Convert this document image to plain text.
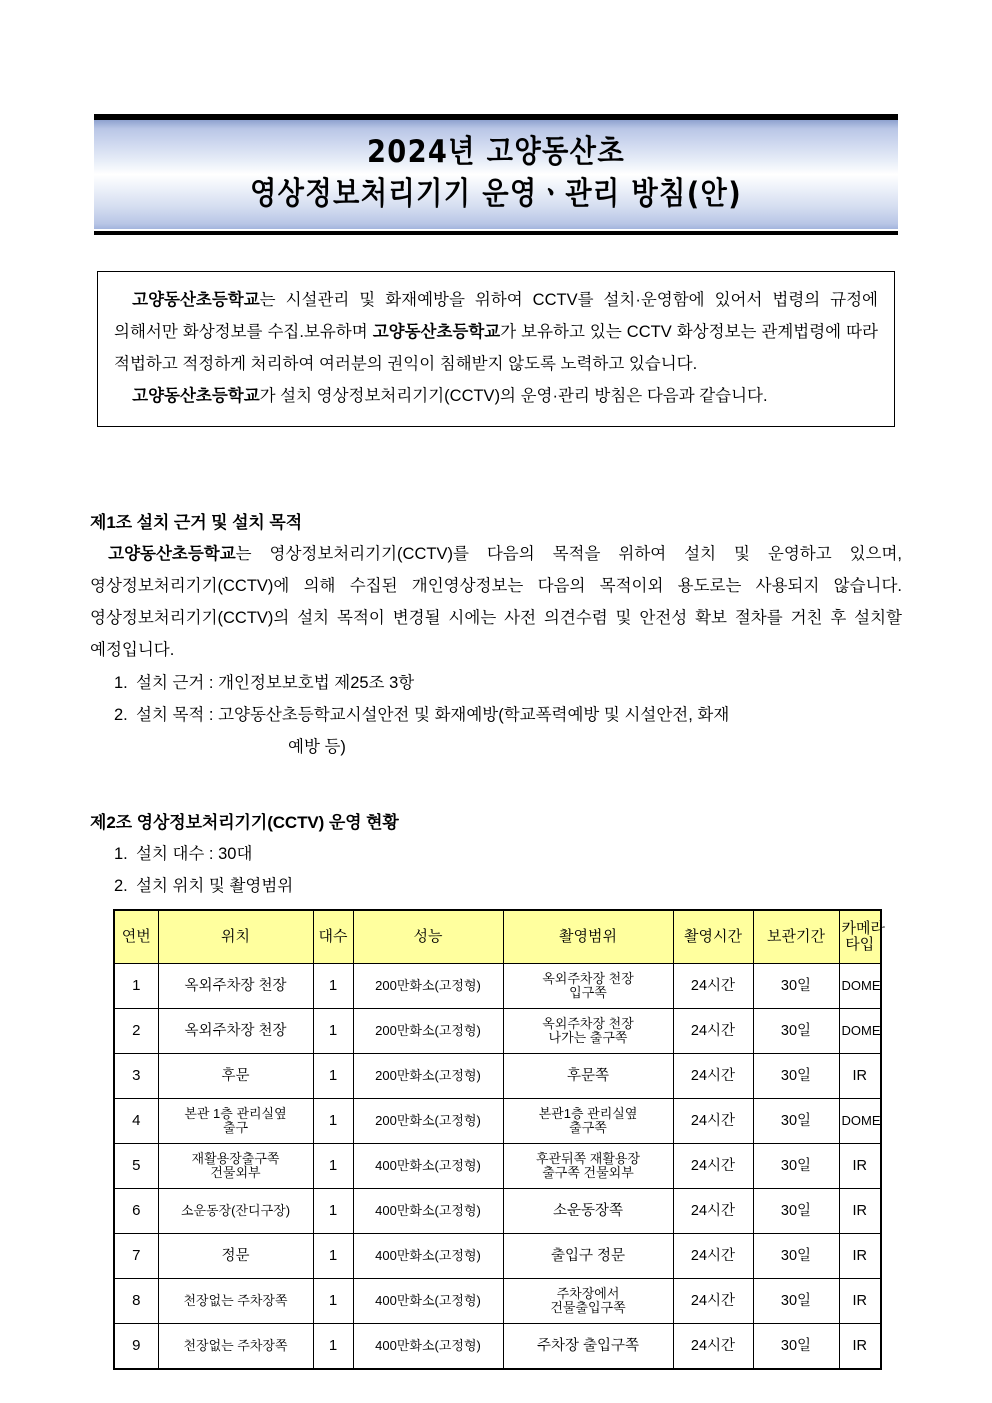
2024년 고양동산초
영상정보처리기기 운영ㆍ관리 방침(안)

고양동산초등학교는 시설관리 및 화재예방을 위하여 CCTV를 설치·운영함에 있어서 법령의 규정에 의해서만 화상정보를 수집.보유하며 고양동산초등학교가 보유하고 있는 CCTV 화상정보는 관계법령에 따라 적법하고 적정하게 처리하여 여러분의 권익이 침해받지 않도록 노력하고 있습니다.

고양동산초등학교가 설치 영상정보처리기기(CCTV)의 운영·관리 방침은 다음과 같습니다.

제1조 설치 근거 및 설치 목적

고양동산초등학교는 영상정보처리기기(CCTV)를 다음의 목적을 위하여 설치 및 운영하고 있으며, 영상정보처리기기(CCTV)에 의해 수집된 개인영상정보는 다음의 목적이외 용도로는 사용되지 않습니다. 영상정보처리기기(CCTV)의 설치 목적이 변경될 시에는 사전 의견수렴 및 안전성 확보 절차를 거친 후 설치할 예정입니다.

1. 설치 근거 : 개인정보보호법 제25조 3항
2. 설치 목적 : 고양동산초등학교시설안전 및 화재예방(학교폭력예방 및 시설안전, 화재
예방 등)
제2조 영상정보처리기기(CCTV) 운영 현황
1. 설치 대수 : 30대
2. 설치 위치 및 촬영범위
연번	위치	대수	성능	촬영범위	촬영시간	보관기간	카메라
타입

1	옥외주차장 천장	1	200만화소(고정형)	옥외주차장 천장
입구쪽	24시간	30일	DOME
2	옥외주차장 천장	1	200만화소(고정형)	옥외주차장 천장
나가는 출구쪽	24시간	30일	DOME
3	후문	1	200만화소(고정형)	후문쪽	24시간	30일	IR
4	본관 1층 관리실옆
출구	1	200만화소(고정형)	본관1층 관리실옆
출구쪽	24시간	30일	DOME
5	재활용장출구쪽
건물외부	1	400만화소(고정형)	후관뒤쪽 재활용장
출구쪽 건물외부	24시간	30일	IR
6	소운동장(잔디구장)	1	400만화소(고정형)	소운동장쪽	24시간	30일	IR
7	정문	1	400만화소(고정형)	출입구 정문	24시간	30일	IR
8	천장없는 주차장쪽	1	400만화소(고정형)	주차장에서
건물출입구쪽	24시간	30일	IR
9	천장없는 주차장쪽	1	400만화소(고정형)	주차장 출입구쪽	24시간	30일	IR
